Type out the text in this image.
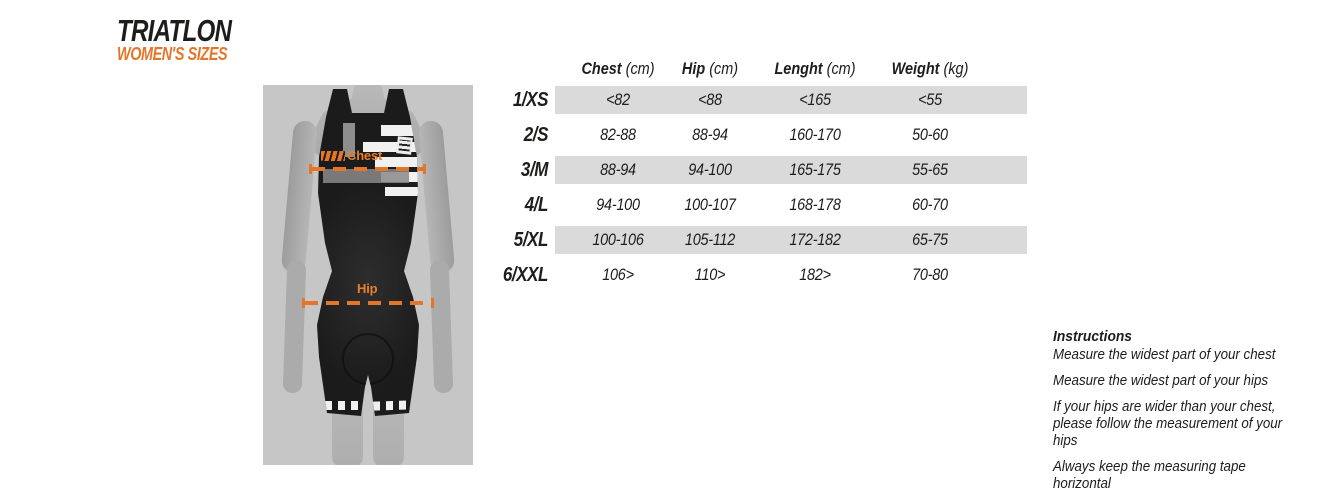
TRIATLON
WOMEN'S SIZES
Chest
Hip
Chest (cm)	Hip (cm)	Lenght (cm)	Weight (kg)
1/XS	<82	<88	<165	<55
2/S	82-88	88-94	160-170	50-60
3/M	88-94	94-100	165-175	55-65
4/L	94-100	100-107	168-178	60-70
5/XL	100-106	105-112	172-182	65-75
6/XXL	106>	110>	182>	70-80
Instructions

Measure the widest part of your chest

Measure the widest part of your hips

If your hips are wider than your chest,
please follow the measurement of your hips

Always keep the measuring tape horizontal
